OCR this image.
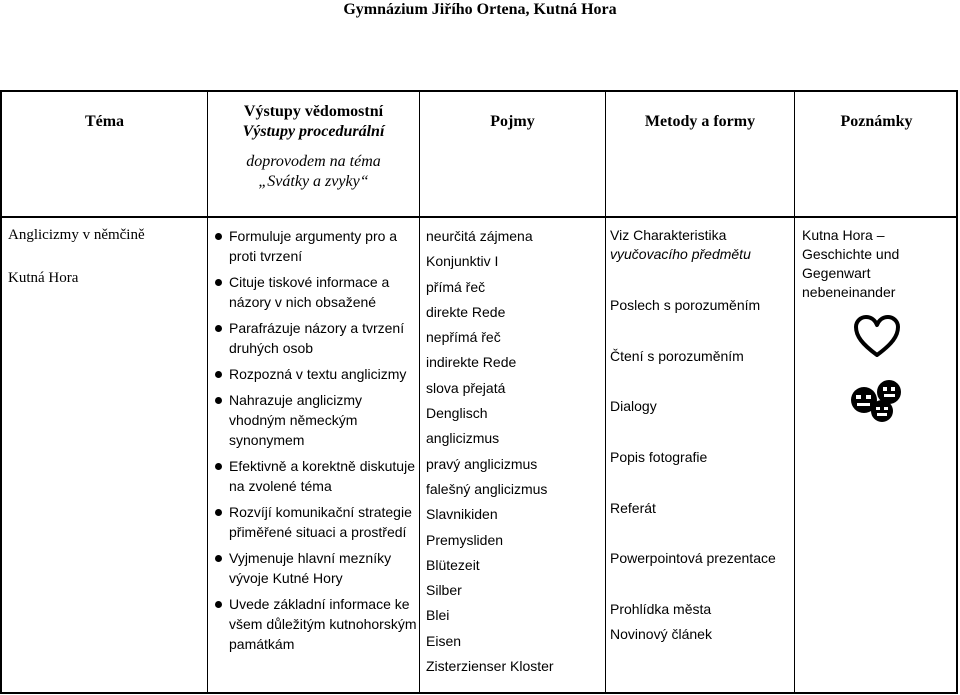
Gymnázium Jiřího Ortena, Kutná Hora
Téma
Výstupy vědomostní
Výstupy procedurální
doprovodem na téma
„Svátky a zvyky“
Pojmy	Metody a formy	Poznámky

Anglicizmy v němčině

Kutná Hora

Formuluje argumenty pro a proti tvrzení
Cituje tiskové informace a názory v nich obsažené
Parafrázuje názory a tvrzení druhých osob
Rozpozná v textu anglicizmy
Nahrazuje anglicizmy vhodným německým synonymem
Efektivně a korektně diskutuje na zvolené téma
Rozvíjí komunikační strategie přiměřené situaci a prostředí
Vyjmenuje hlavní mezníky vývoje Kutné Hory
Uvede základní informace ke všem důležitým kutnohorským památkám

neurčitá zájmena

Konjunktiv I

přímá řeč

direkte Rede

nepřímá řeč

indirekte Rede

slova přejatá

Denglisch

anglicizmus

pravý anglicizmus

falešný anglicizmus

Slavnikiden

Premysliden

Blütezeit

Silber

Blei

Eisen

Zisterzienser Kloster

Viz Charakteristika

vyučovacího předmětu

Poslech s porozuměním

Čtení s porozuměním

Dialogy

Popis fotografie

Referát

Powerpointová prezentace

Prohlídka města

Novinový článek

Kutna Hora –

Geschichte und

Gegenwart

nebeneinander
